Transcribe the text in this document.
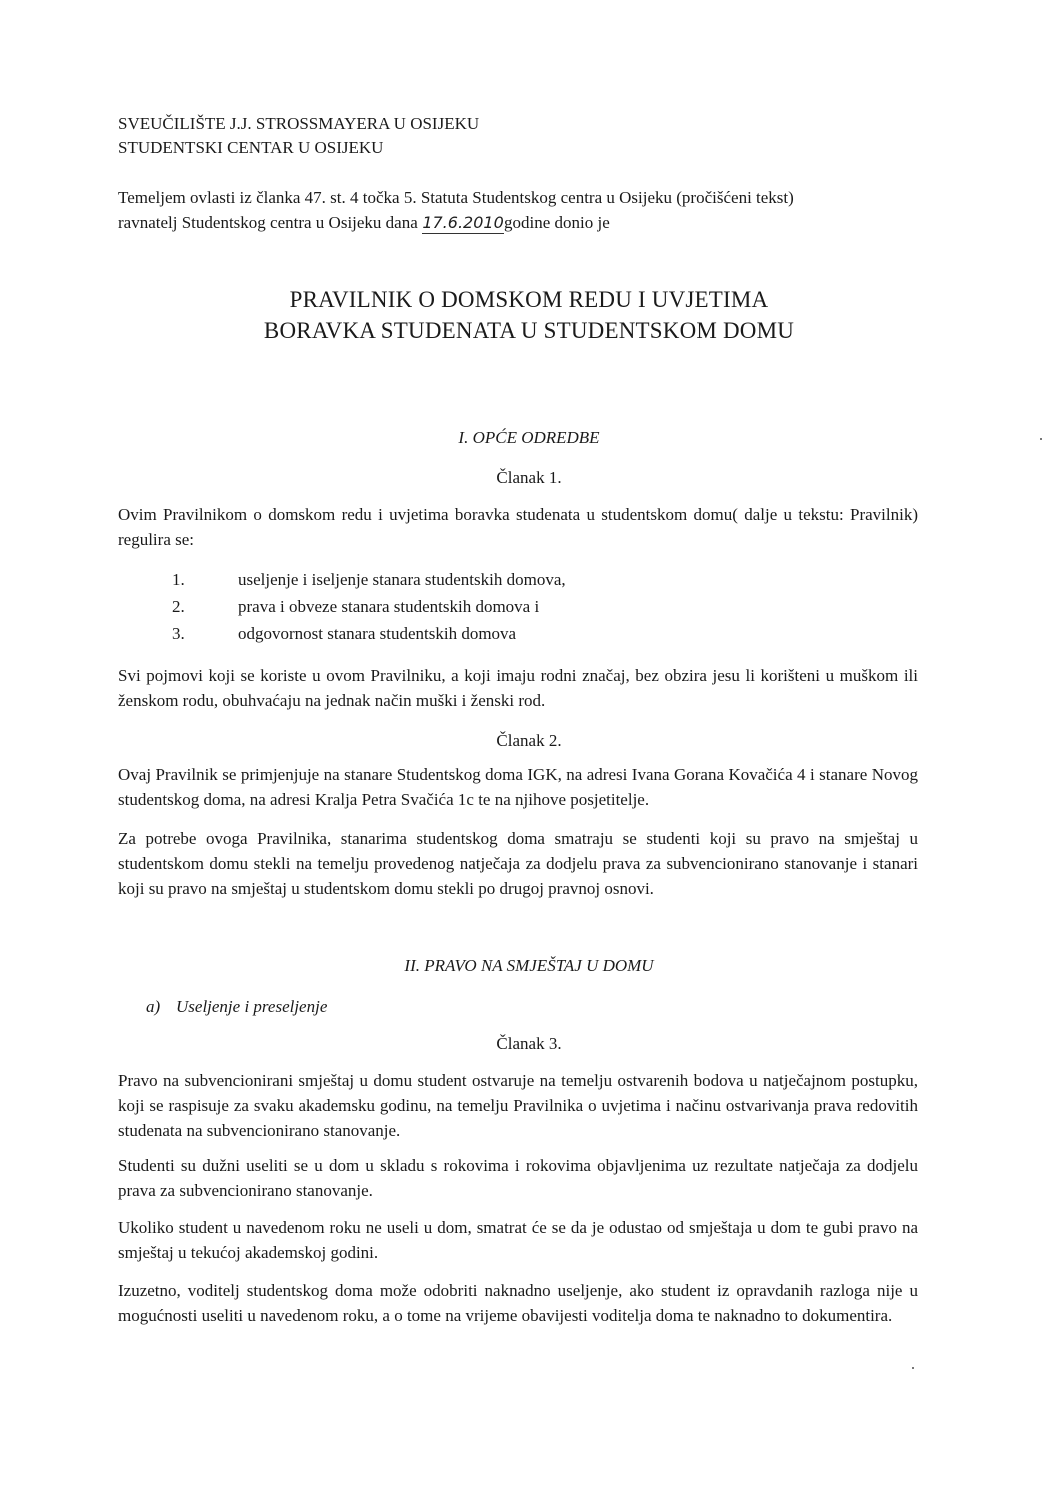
SVEUČILIŠTE J.J. STROSSMAYERA U OSIJEKU
STUDENTSKI CENTAR U OSIJEKU
Temeljem ovlasti iz članka 47. st. 4 točka 5. Statuta Studentskog centra u Osijeku (pročišćeni tekst)
ravnatelj Studentskog centra u Osijeku dana 17.6.2010godine donio je
PRAVILNIK O DOMSKOM REDU I UVJETIMA
BORAVKA STUDENATA U STUDENTSKOM DOMU
I. OPĆE ODREDBE
Članak 1.
Ovim Pravilnikom o domskom redu i uvjetima boravka studenata u studentskom domu( dalje u tekstu: Pravilnik) regulira se:
1.	useljenje i iseljenje stanara studentskih domova,
2.	prava i obveze stanara studentskih domova i
3.	odgovornost stanara studentskih domova
Svi pojmovi koji se koriste u ovom Pravilniku, a koji imaju rodni značaj, bez obzira jesu li korišteni u muškom ili ženskom rodu, obuhvaćaju na jednak način muški i ženski rod.
Članak 2.
Ovaj Pravilnik se primjenjuje na stanare Studentskog doma IGK, na adresi Ivana Gorana Kovačića 4 i stanare Novog studentskog doma, na adresi Kralja Petra Svačića 1c te na njihove posjetitelje.
Za potrebe ovoga Pravilnika, stanarima studentskog doma smatraju se studenti koji su pravo na smještaj u studentskom domu stekli na temelju provedenog natječaja za dodjelu prava za subvencionirano stanovanje i stanari koji su pravo na smještaj u studentskom domu stekli po drugoj pravnoj osnovi.
II. PRAVO NA SMJEŠTAJ U DOMU
a) Useljenje i preseljenje
Članak 3.
Pravo na subvencionirani smještaj u domu student ostvaruje na temelju ostvarenih bodova u natječajnom postupku, koji se raspisuje za svaku akademsku godinu, na temelju Pravilnika o uvjetima i načinu ostvarivanja prava redovitih studenata na subvencionirano stanovanje.
Studenti su dužni useliti se u dom u skladu s rokovima i rokovima objavljenima uz rezultate natječaja za dodjelu prava za subvencionirano stanovanje.
Ukoliko student u navedenom roku ne useli u dom, smatrat će se da je odustao od smještaja u dom te gubi pravo na smještaj u tekućoj akademskoj godini.
Izuzetno, voditelj studentskog doma može odobriti naknadno useljenje, ako student iz opravdanih razloga nije u mogućnosti useliti u navedenom roku, a o tome na vrijeme obavijesti voditelja doma te naknadno to dokumentira.
